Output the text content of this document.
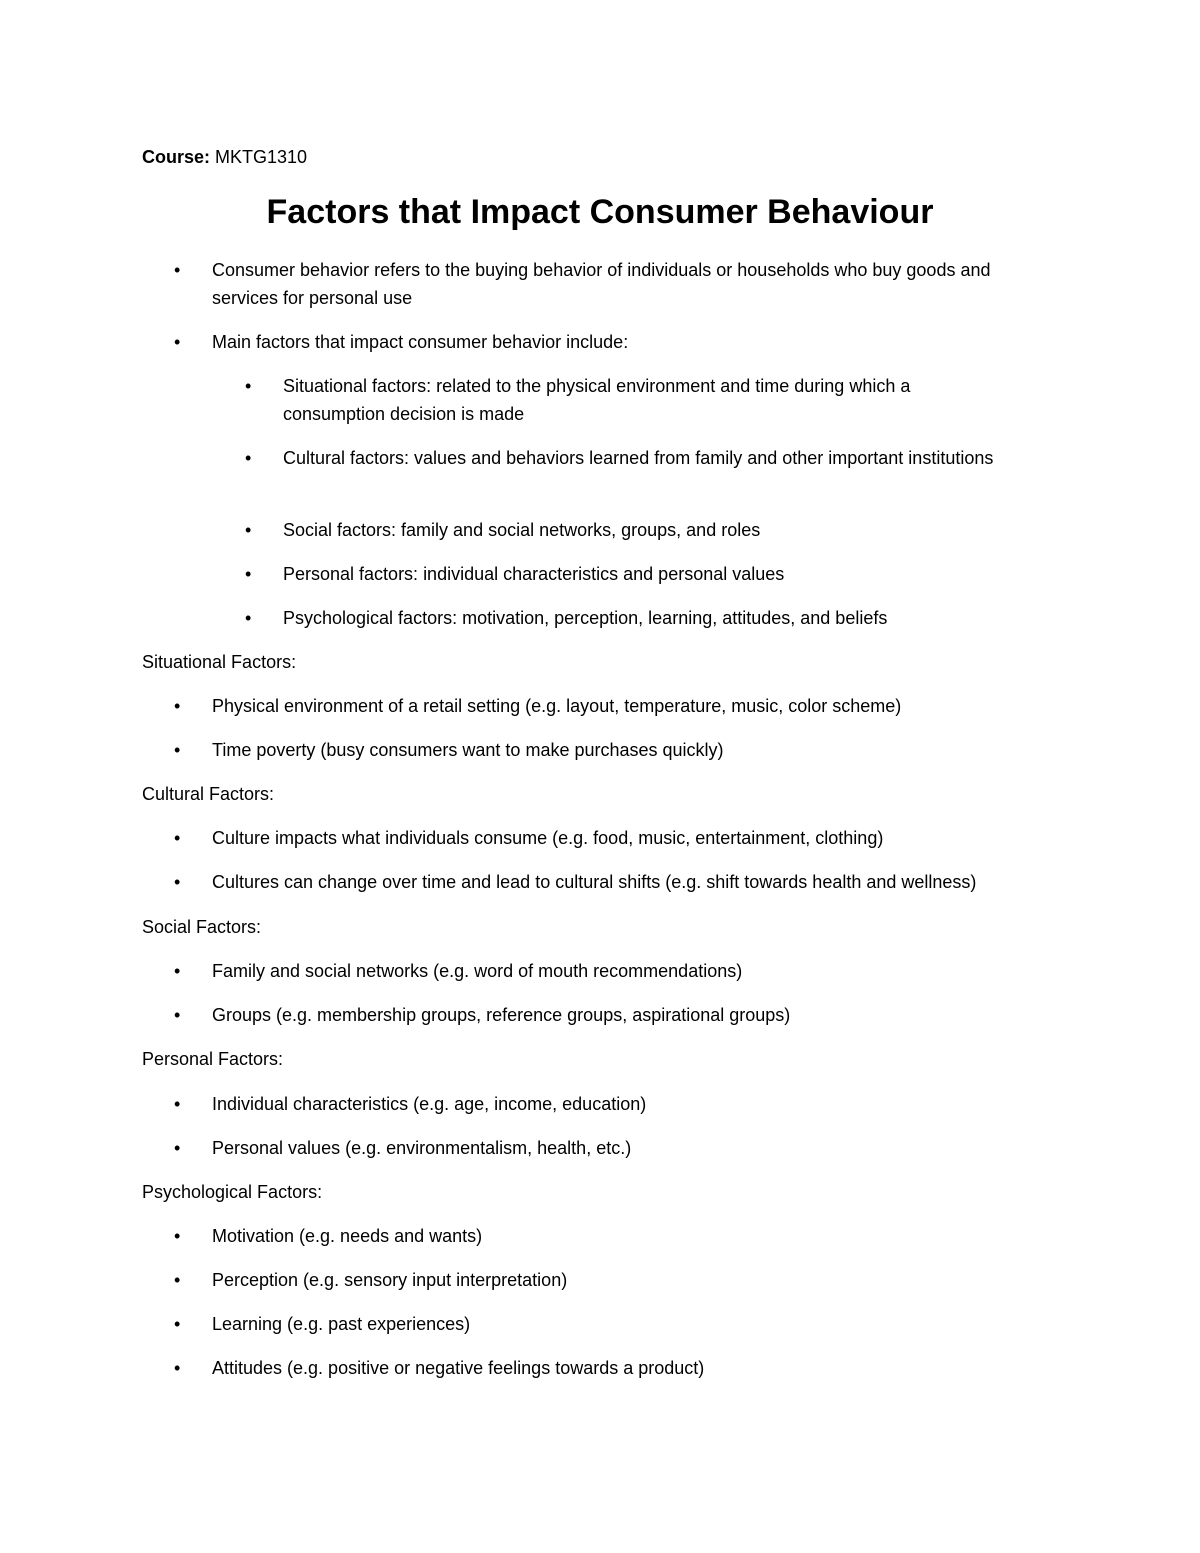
Course: MKTG1310
Factors that Impact Consumer Behaviour
•	Consumer behavior refers to the buying behavior of individuals or households who buy goods and services for personal use
•	Main factors that impact consumer behavior include:
•	Situational factors: related to the physical environment and time during which a consumption decision is made
•	Cultural factors: values and behaviors learned from family and other important institutions
•	Social factors: family and social networks, groups, and roles
•	Personal factors: individual characteristics and personal values
•	Psychological factors: motivation, perception, learning, attitudes, and beliefs
Situational Factors:
•	Physical environment of a retail setting (e.g. layout, temperature, music, color scheme)
•	Time poverty (busy consumers want to make purchases quickly)
Cultural Factors:
•	Culture impacts what individuals consume (e.g. food, music, entertainment, clothing)
•	Cultures can change over time and lead to cultural shifts (e.g. shift towards health and wellness)
Social Factors:
•	Family and social networks (e.g. word of mouth recommendations)
•	Groups (e.g. membership groups, reference groups, aspirational groups)
Personal Factors:
•	Individual characteristics (e.g. age, income, education)
•	Personal values (e.g. environmentalism, health, etc.)
Psychological Factors:
•	Motivation (e.g. needs and wants)
•	Perception (e.g. sensory input interpretation)
•	Learning (e.g. past experiences)
•	Attitudes (e.g. positive or negative feelings towards a product)
